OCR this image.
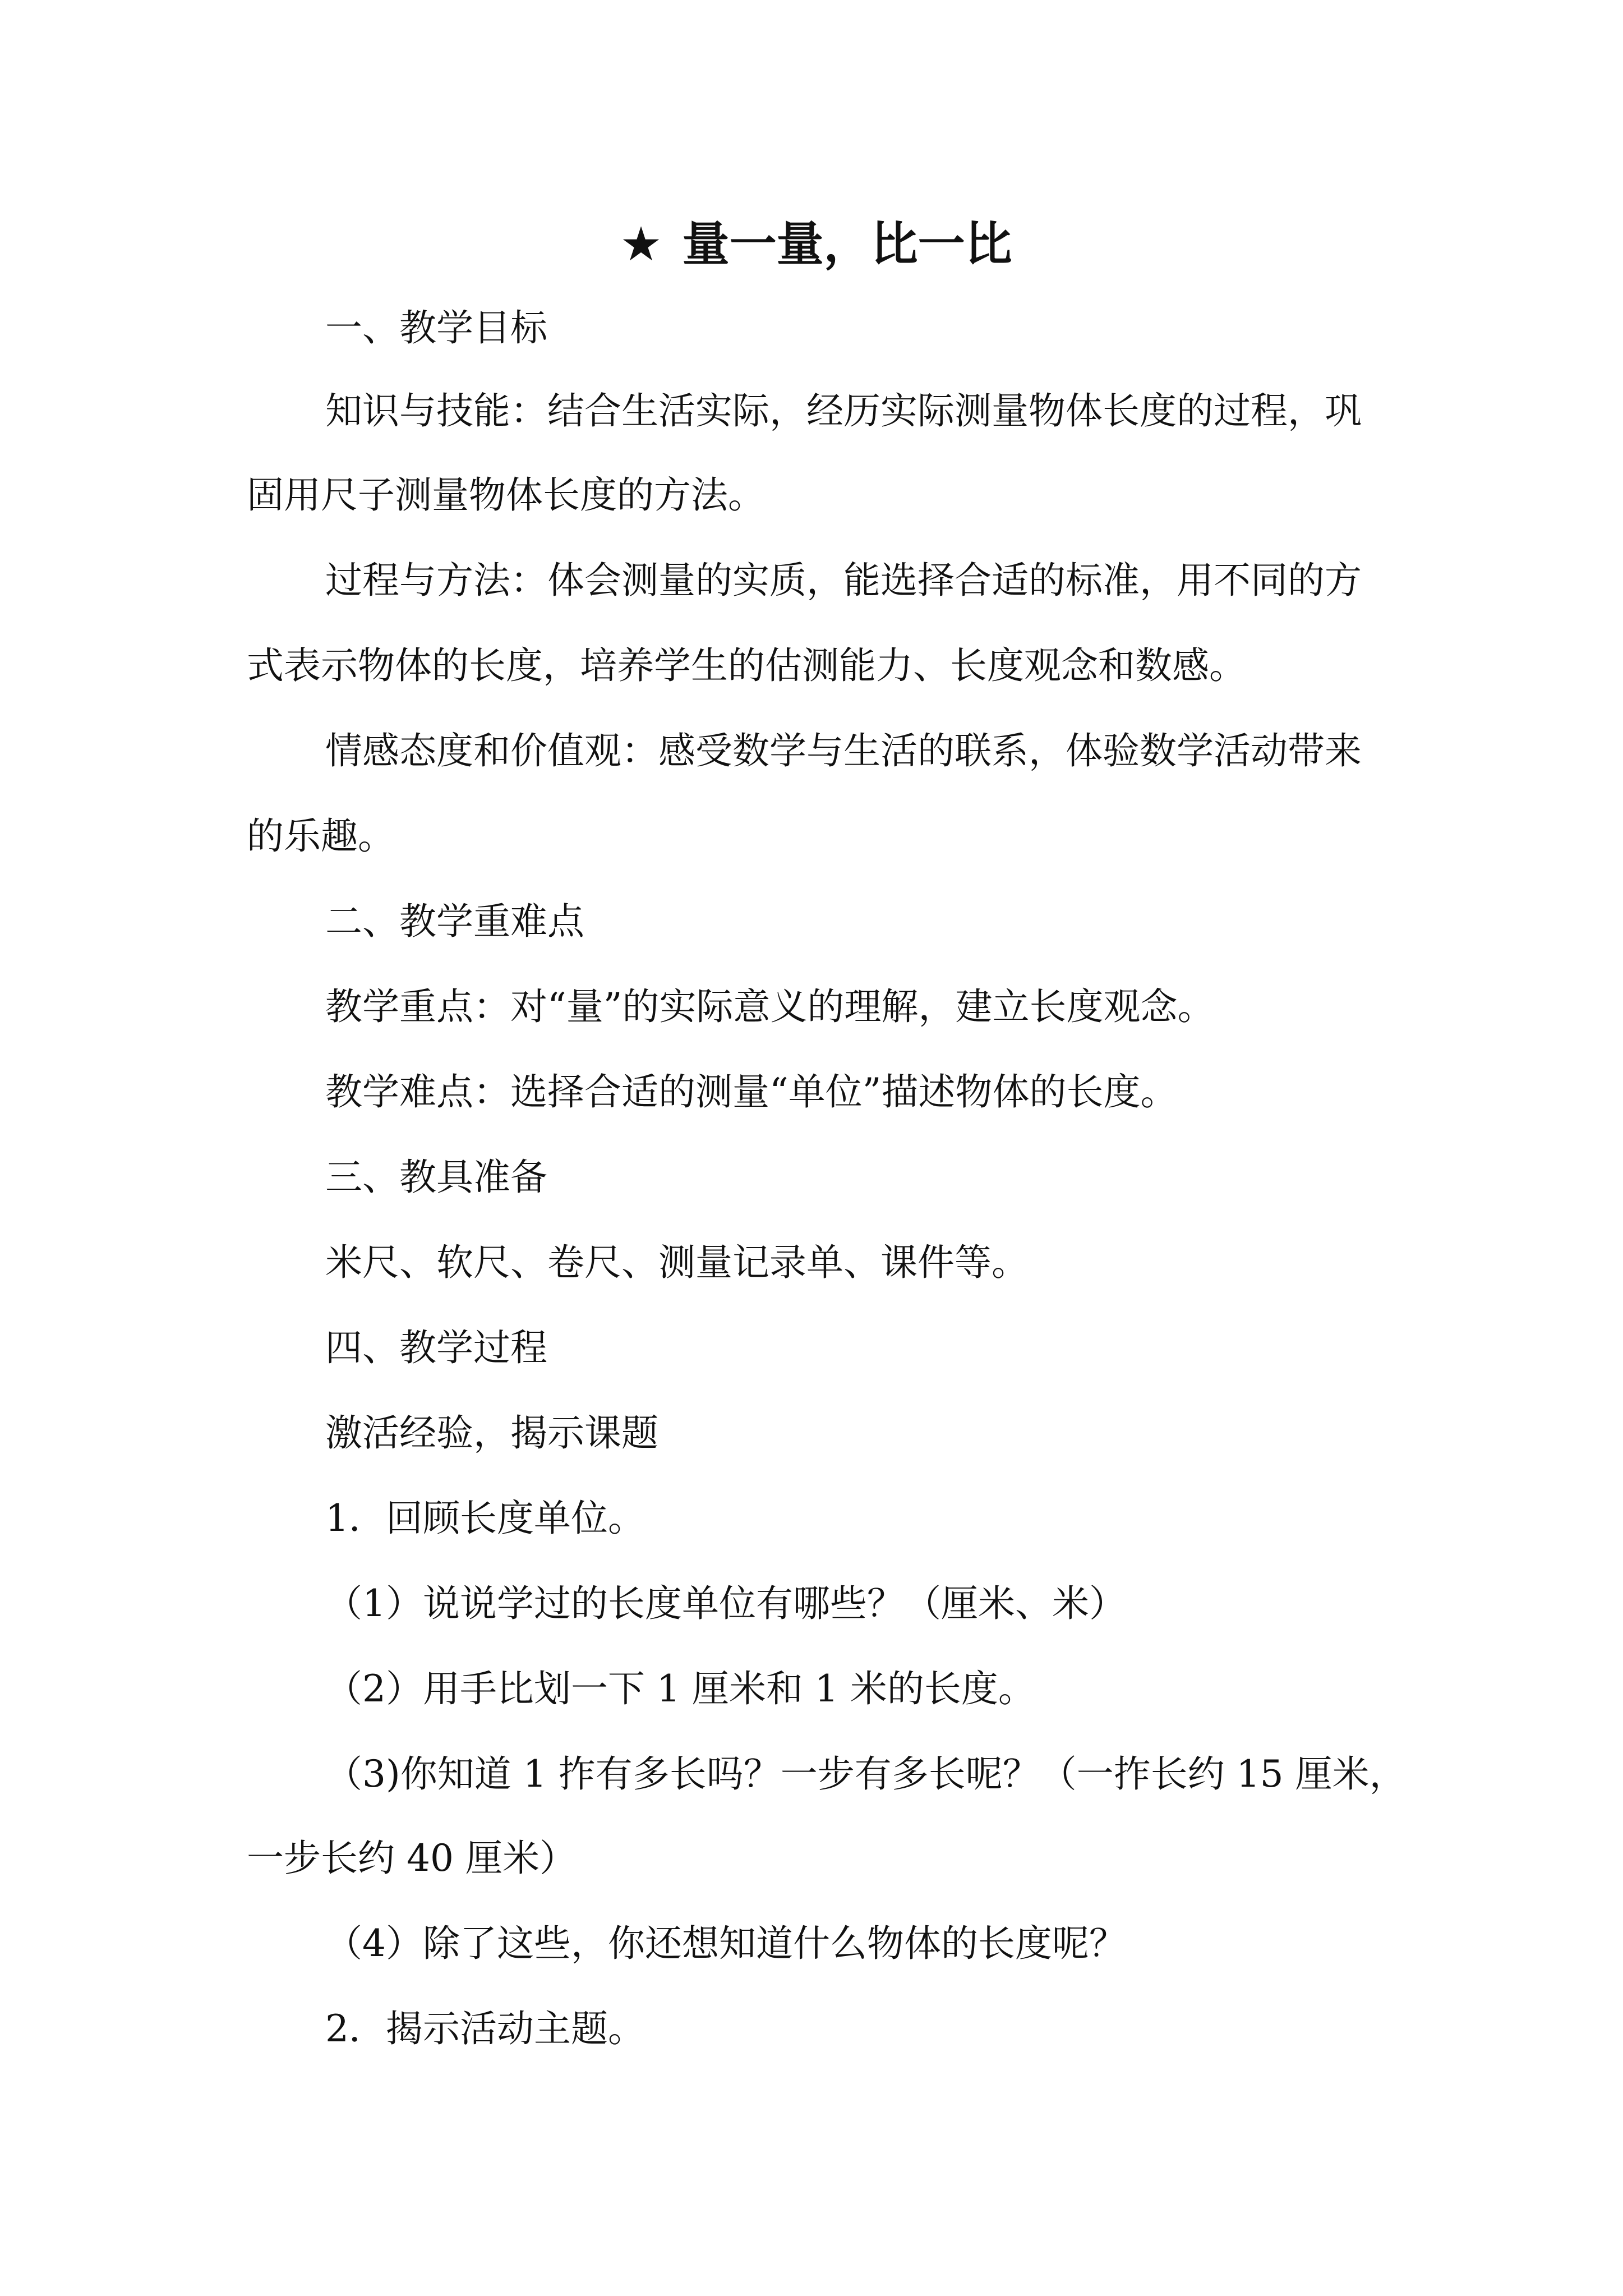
★ 量一量，比一比
一、教学目标
知识与技能：结合生活实际，经历实际测量物体长度的过程，巩
固用尺子测量物体长度的方法。
过程与方法：体会测量的实质，能选择合适的标准，用不同的方
式表示物体的长度，培养学生的估测能力、长度观念和数感。
情感态度和价值观：感受数学与生活的联系，体验数学活动带来
的乐趣。
二、教学重难点
教学重点：对“量”的实际意义的理解，建立长度观念。
教学难点：选择合适的测量“单位”描述物体的长度。
三、教具准备
米尺、软尺、卷尺、测量记录单、课件等。
四、教学过程
激活经验，揭示课题
1．回顾长度单位。
（1）说说学过的长度单位有哪些？（厘米、米）
（2）用手比划一下 1 厘米和 1 米的长度。
（3)你知道 1 拃有多长吗？一步有多长呢？（一拃长约 15 厘米，
一步长约 40 厘米）
（4）除了这些，你还想知道什么物体的长度呢？
2．揭示活动主题。
